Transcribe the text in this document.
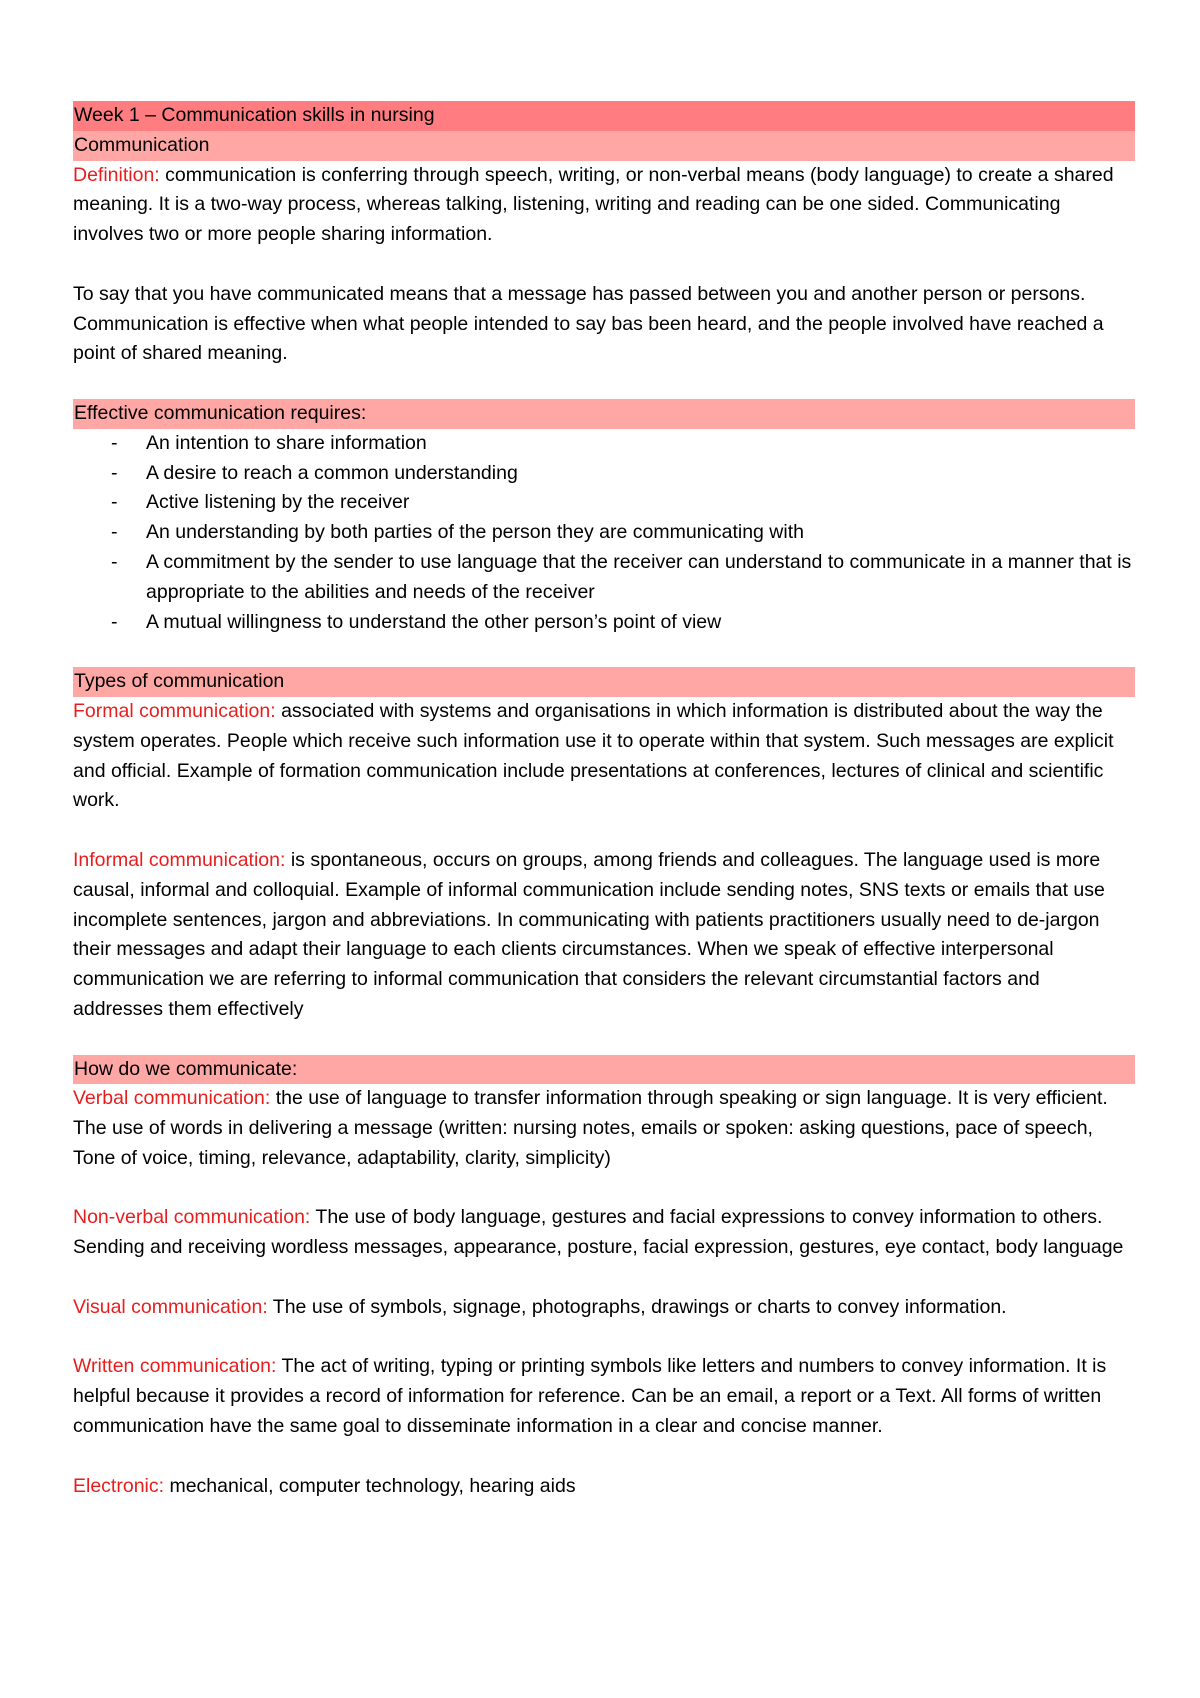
Week 1 – Communication skills in nursing
Communication

Definition: communication is conferring through speech, writing, or non-verbal means (body language) to create a shared meaning. It is a two-way process, whereas talking, listening, writing and reading can be one sided. Communicating involves two or more people sharing information.

To say that you have communicated means that a message has passed between you and another person or persons. Communication is effective when what people intended to say bas been heard, and the people involved have reached a point of shared meaning.

Effective communication requires:
- An intention to share information
- A desire to reach a common understanding
- Active listening by the receiver
- An understanding by both parties of the person they are communicating with
- A commitment by the sender to use language that the receiver can understand to communicate in a manner that is appropriate to the abilities and needs of the receiver
- A mutual willingness to understand the other person’s point of view
Types of communication

Formal communication: associated with systems and organisations in which information is distributed about the way the system operates. People which receive such information use it to operate within that system. Such messages are explicit and official. Example of formation communication include presentations at conferences, lectures of clinical and scientific work.

Informal communication: is spontaneous, occurs on groups, among friends and colleagues. The language used is more causal, informal and colloquial. Example of informal communication include sending notes, SNS texts or emails that use incomplete sentences, jargon and abbreviations. In communicating with patients practitioners usually need to de-jargon their messages and adapt their language to each clients circumstances. When we speak of effective interpersonal communication we are referring to informal communication that considers the relevant circumstantial factors and addresses them effectively

How do we communicate:

Verbal communication: the use of language to transfer information through speaking or sign language. It is very efficient. The use of words in delivering a message (written: nursing notes, emails or spoken: asking questions, pace of speech, Tone of voice, timing, relevance, adaptability, clarity, simplicity)

Non-verbal communication: The use of body language, gestures and facial expressions to convey information to others. Sending and receiving wordless messages, appearance, posture, facial expression, gestures, eye contact, body language

Visual communication: The use of symbols, signage, photographs, drawings or charts to convey information.

Written communication: The act of writing, typing or printing symbols like letters and numbers to convey information. It is helpful because it provides a record of information for reference. Can be an email, a report or a Text. All forms of written communication have the same goal to disseminate information in a clear and concise manner.

Electronic: mechanical, computer technology, hearing aids
